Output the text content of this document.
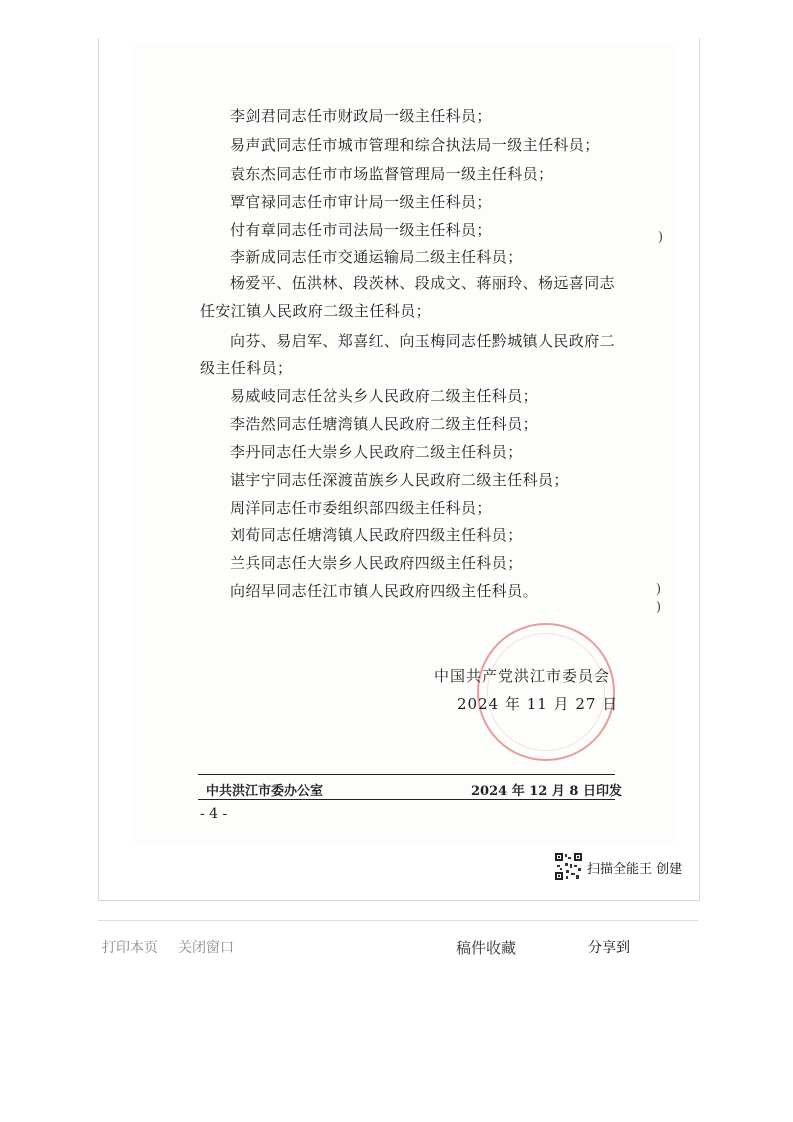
李剑君同志任市财政局一级主任科员；
易声武同志任市城市管理和综合执法局一级主任科员；
袁东杰同志任市市场监督管理局一级主任科员；
覃官禄同志任市审计局一级主任科员；
付有章同志任市司法局一级主任科员；
李新成同志任市交通运输局二级主任科员；
杨爱平、伍洪林、段茨林、段成文、蒋丽玲、杨远喜同志
任安江镇人民政府二级主任科员；
向芬、易启军、郑喜红、向玉梅同志任黔城镇人民政府二
级主任科员；
易威岐同志任岔头乡人民政府二级主任科员；
李浩然同志任塘湾镇人民政府二级主任科员；
李丹同志任大崇乡人民政府二级主任科员；
谌宇宁同志任深渡苗族乡人民政府二级主任科员；
周洋同志任市委组织部四级主任科员；
刘荀同志任塘湾镇人民政府四级主任科员；
兰兵同志任大崇乡人民政府四级主任科员；
向绍早同志任江市镇人民政府四级主任科员。
)
)
)
中国共产党洪江市委员会
2024 年 11 月 27 日
中共洪江市委办公室	2024 年 12 月 8 日印发
- 4 -
扫描全能王 创建
打印本页 关闭窗口	稿件收藏	分享到
